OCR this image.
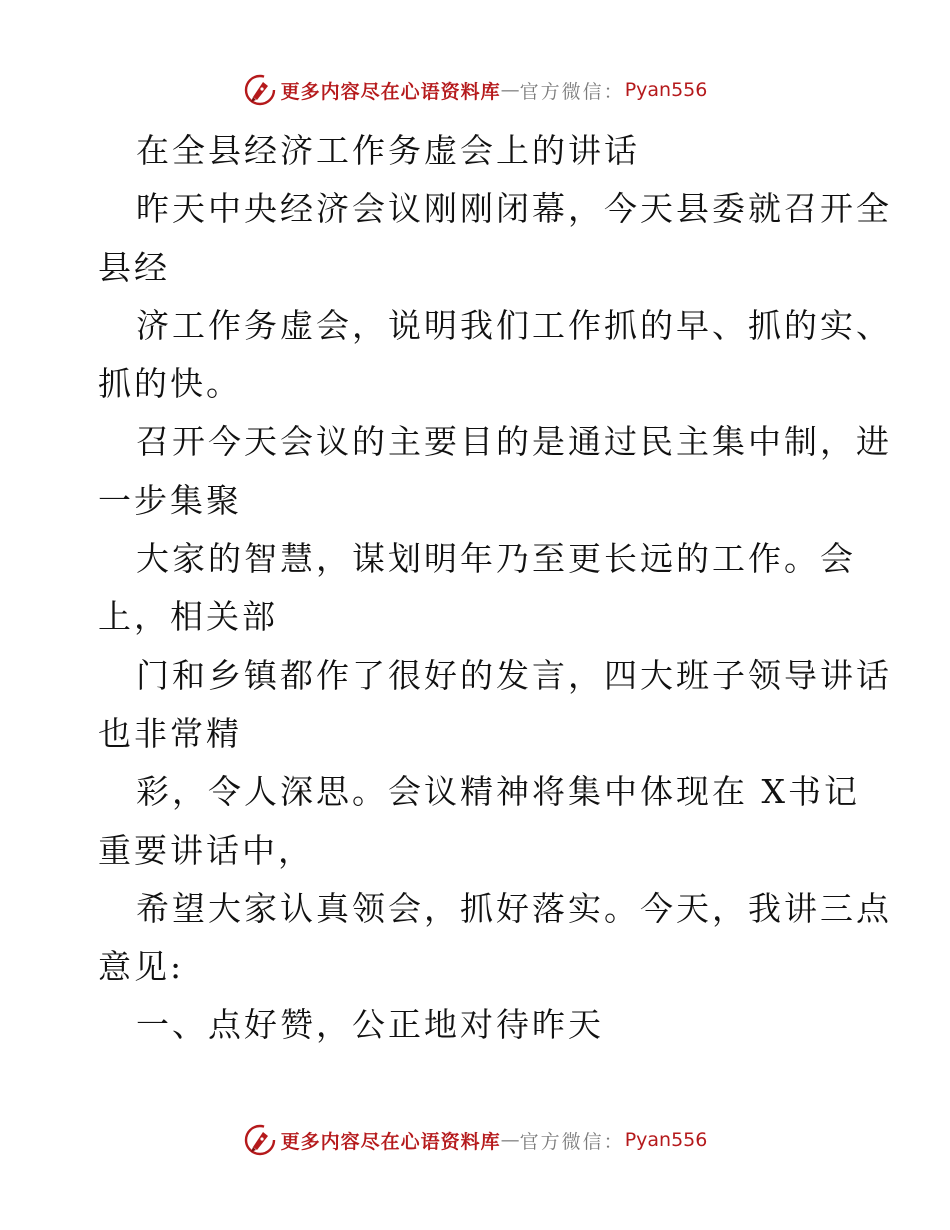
更多内容尽在心语资料库 — 官方微信： Pyan556
在全县经济工作务虚会上的讲话
昨天中央经济会议刚刚闭幕，今天县委就召开全
县经
济工作务虚会，说明我们工作抓的早、抓的实、
抓的快。
召开今天会议的主要目的是通过民主集中制，进
一步集聚
大家的智慧，谋划明年乃至更长远的工作。会
上，相关部
门和乡镇都作了很好的发言，四大班子领导讲话
也非常精
彩，令人深思。会议精神将集中体现在 X书记
重要讲话中，
希望大家认真领会，抓好落实。今天，我讲三点
意见:
一、点好赞，公正地对待昨天
更多内容尽在心语资料库 — 官方微信： Pyan556
